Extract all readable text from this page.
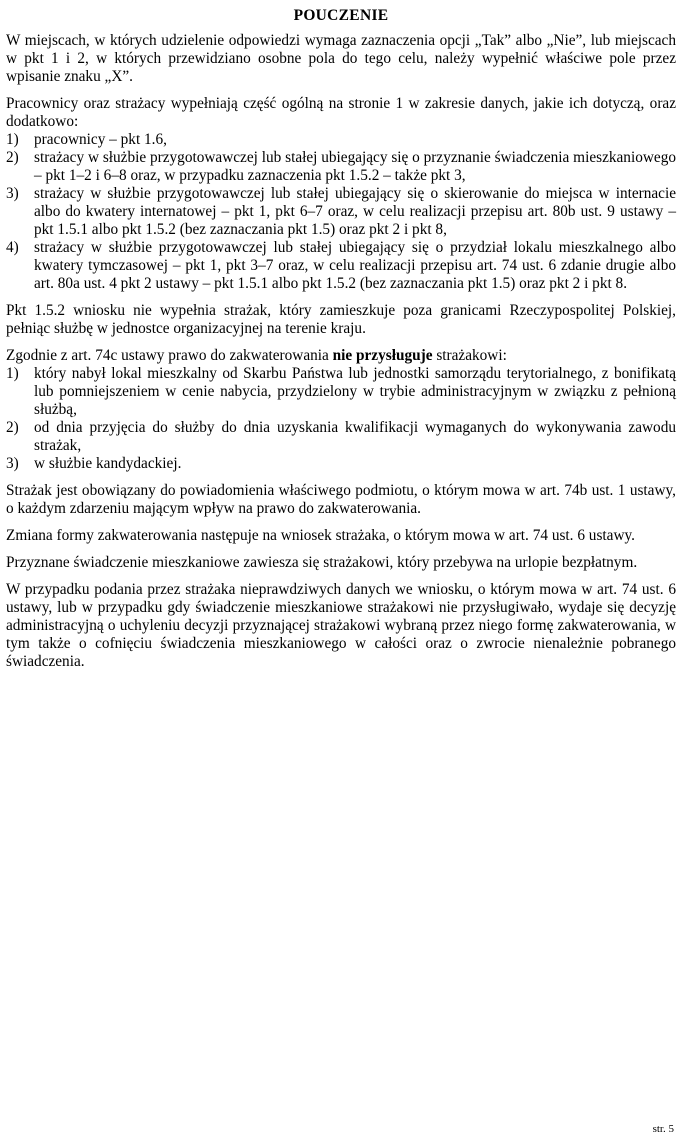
POUCZENIE

W miejscach, w których udzielenie odpowiedzi wymaga zaznaczenia opcji „Tak” albo „Nie”, lub miejscach w pkt 1 i 2, w których przewidziano osobne pola do tego celu, należy wypełnić właściwe pole przez wpisanie znaku „X”.

Pracownicy oraz strażacy wypełniają część ogólną na stronie 1 w zakresie danych, jakie ich dotyczą, oraz dodatkowo:

1) pracownicy – pkt 1.6,
2) strażacy w służbie przygotowawczej lub stałej ubiegający się o przyznanie świadczenia mieszkaniowego – pkt 1–2 i 6–8 oraz, w przypadku zaznaczenia pkt 1.5.2 – także pkt 3,
3) strażacy w służbie przygotowawczej lub stałej ubiegający się o skierowanie do miejsca w internacie albo do kwatery internatowej – pkt 1, pkt 6–7 oraz, w celu realizacji przepisu art. 80b ust. 9 ustawy – pkt 1.5.1 albo pkt 1.5.2 (bez zaznaczania pkt 1.5) oraz pkt 2 i pkt 8,
4) strażacy w służbie przygotowawczej lub stałej ubiegający się o przydział lokalu mieszkalnego albo kwatery tymczasowej – pkt 1, pkt 3–7 oraz, w celu realizacji przepisu art. 74 ust. 6 zdanie drugie albo art. 80a ust. 4 pkt 2 ustawy – pkt 1.5.1 albo pkt 1.5.2 (bez zaznaczania pkt 1.5) oraz pkt 2 i pkt 8.

Pkt 1.5.2 wniosku nie wypełnia strażak, który zamieszkuje poza granicami Rzeczypospolitej Polskiej, pełniąc służbę w jednostce organizacyjnej na terenie kraju.

Zgodnie z art. 74c ustawy prawo do zakwaterowania nie przysługuje strażakowi:

1) który nabył lokal mieszkalny od Skarbu Państwa lub jednostki samorządu terytorialnego, z bonifikatą lub pomniejszeniem w cenie nabycia, przydzielony w trybie administracyjnym w związku z pełnioną służbą,
2) od dnia przyjęcia do służby do dnia uzyskania kwalifikacji wymaganych do wykonywania zawodu strażak,
3) w służbie kandydackiej.

Strażak jest obowiązany do powiadomienia właściwego podmiotu, o którym mowa w art. 74b ust. 1 ustawy, o każdym zdarzeniu mającym wpływ na prawo do zakwaterowania.

Zmiana formy zakwaterowania następuje na wniosek strażaka, o którym mowa w art. 74 ust. 6 ustawy.

Przyznane świadczenie mieszkaniowe zawiesza się strażakowi, który przebywa na urlopie bezpłatnym.

W przypadku podania przez strażaka nieprawdziwych danych we wniosku, o którym mowa w art. 74 ust. 6 ustawy, lub w przypadku gdy świadczenie mieszkaniowe strażakowi nie przysługiwało, wydaje się decyzję administracyjną o uchyleniu decyzji przyznającej strażakowi wybraną przez niego formę zakwaterowania, w tym także o cofnięciu świadczenia mieszkaniowego w całości oraz o zwrocie nienależnie pobranego świadczenia.

str. 5
